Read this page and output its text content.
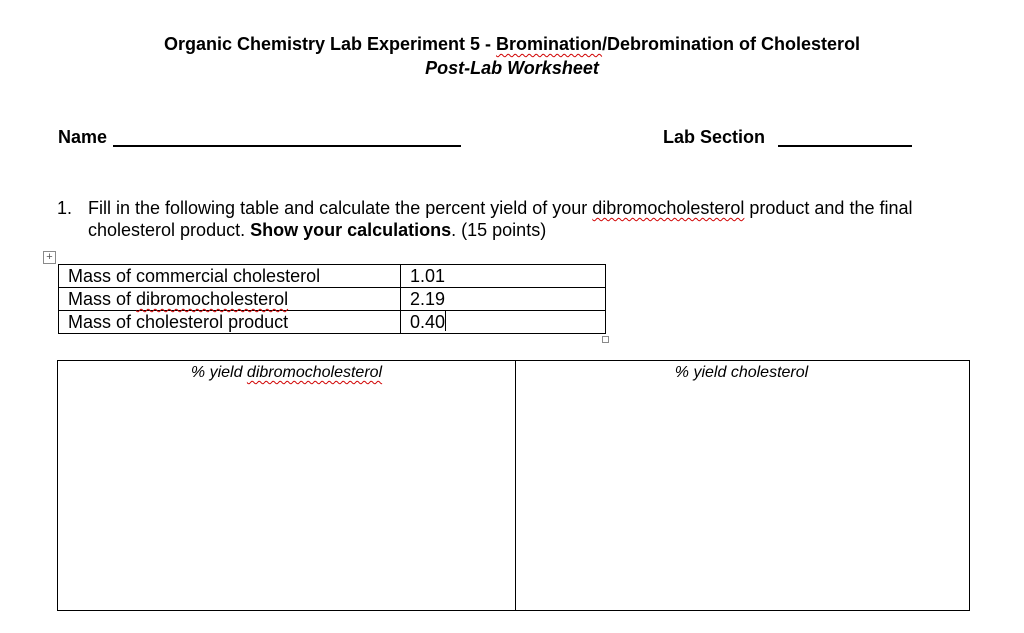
Organic Chemistry Lab Experiment 5 - Bromination/Debromination of Cholesterol
Post-Lab Worksheet
Name	Lab Section
1. Fill in the following table and calculate the percent yield of your dibromocholesterol product and the final cholesterol product. Show your calculations. (15 points)
+
Mass of commercial cholesterol	1.01
Mass of dibromocholesterol	2.19
Mass of cholesterol product	0.40
% yield dibromocholesterol	% yield cholesterol
